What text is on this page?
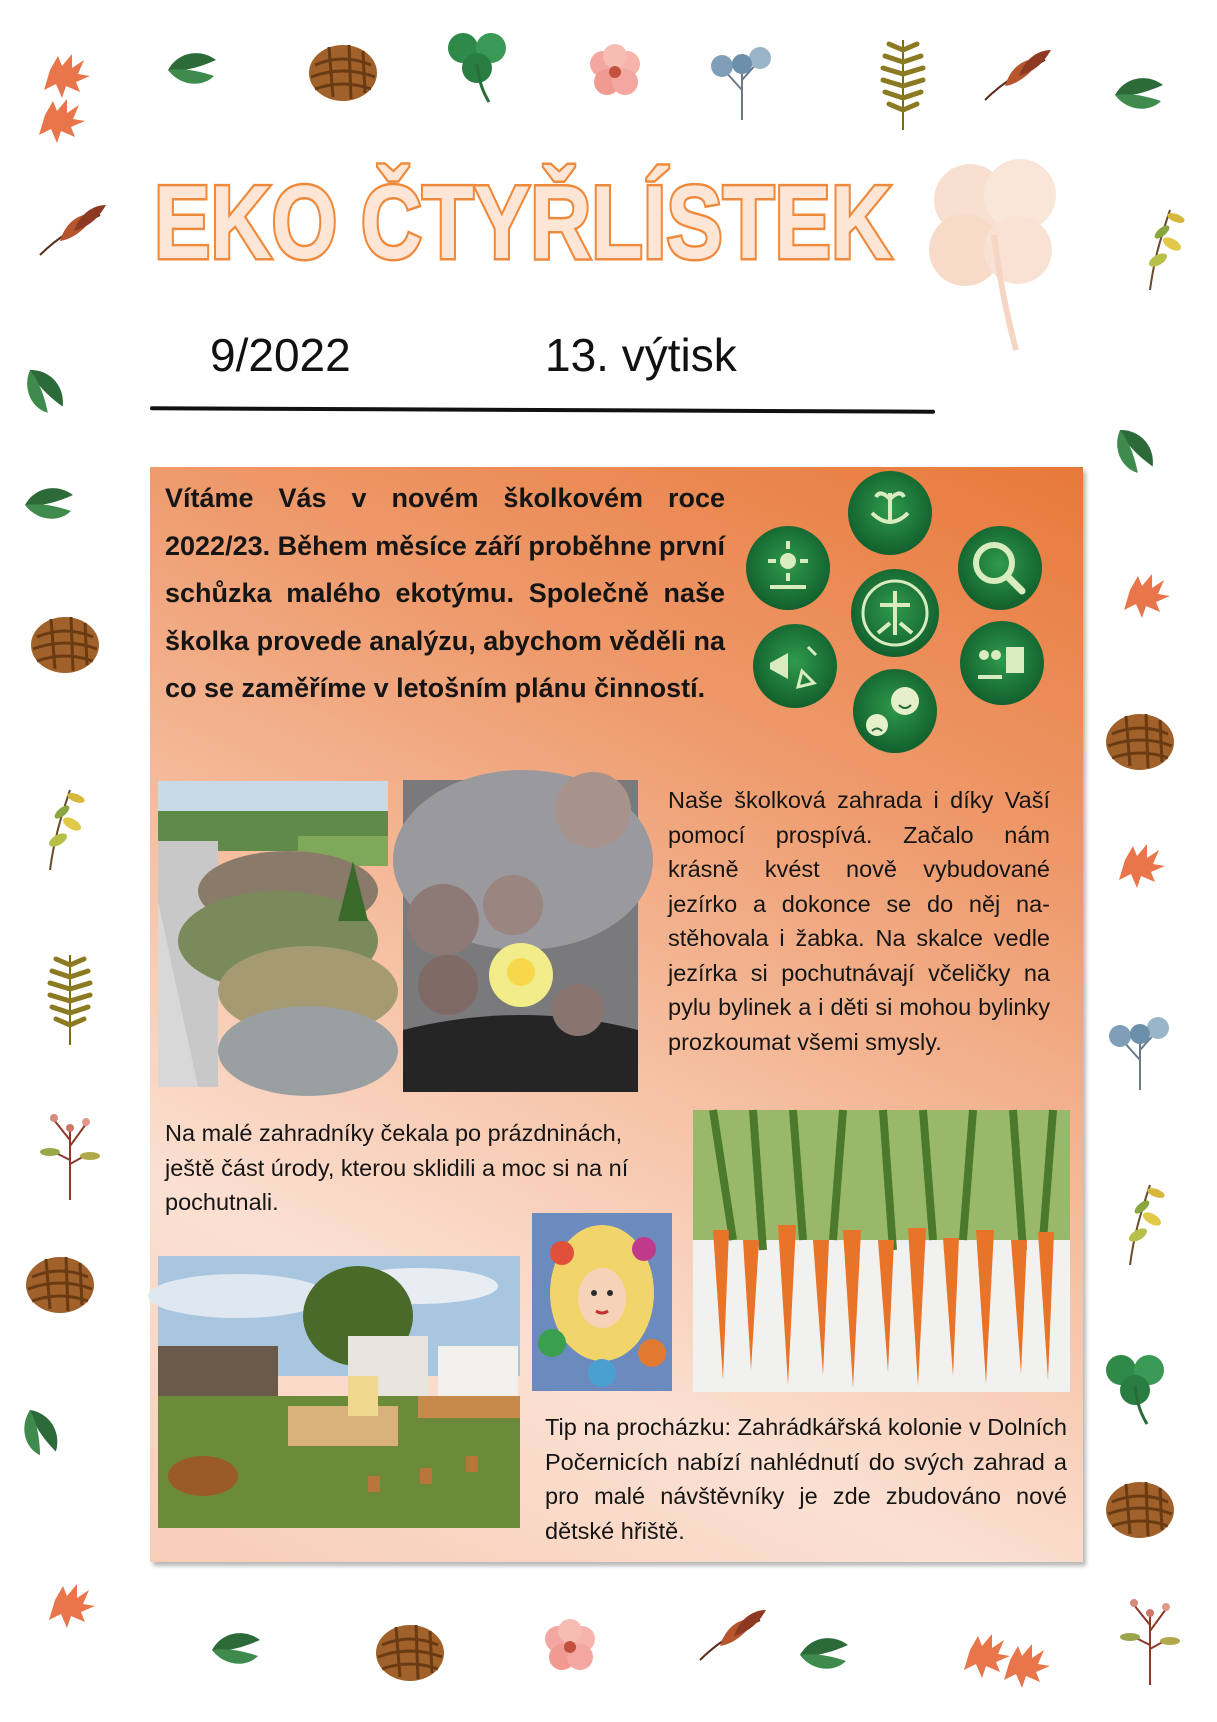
EKO ČTYŘLÍSTEK
9/2022	13. výtisk
Vítáme Vás v novém školkovém roce 2022/23. Během měsíce září proběhne první schůzka malého ekotýmu. Společně naše školka provede analýzu, abychom věděli na co se zaměříme v letošním plánu činností.
Naše školková zahrada i díky Vaší pomocí prospívá. Začalo nám krásně kvést nově vybudované jezírko a dokonce se do něj na-stěhovala i žabka. Na skalce vedle jezírka si pochutnávají včeličky na pylu bylinek a i děti si mohou bylinky prozkoumat všemi smysly.
Na malé zahradníky čekala po prázdninách, ještě část úrody, kterou sklidili a moc si na ní pochutnali.
Tip na procházku: Zahrádkářská kolonie v Dolních Počernicích nabízí nahlédnutí do svých zahrad a pro malé návštěvníky je zde zbudováno nové dětské hřiště.
